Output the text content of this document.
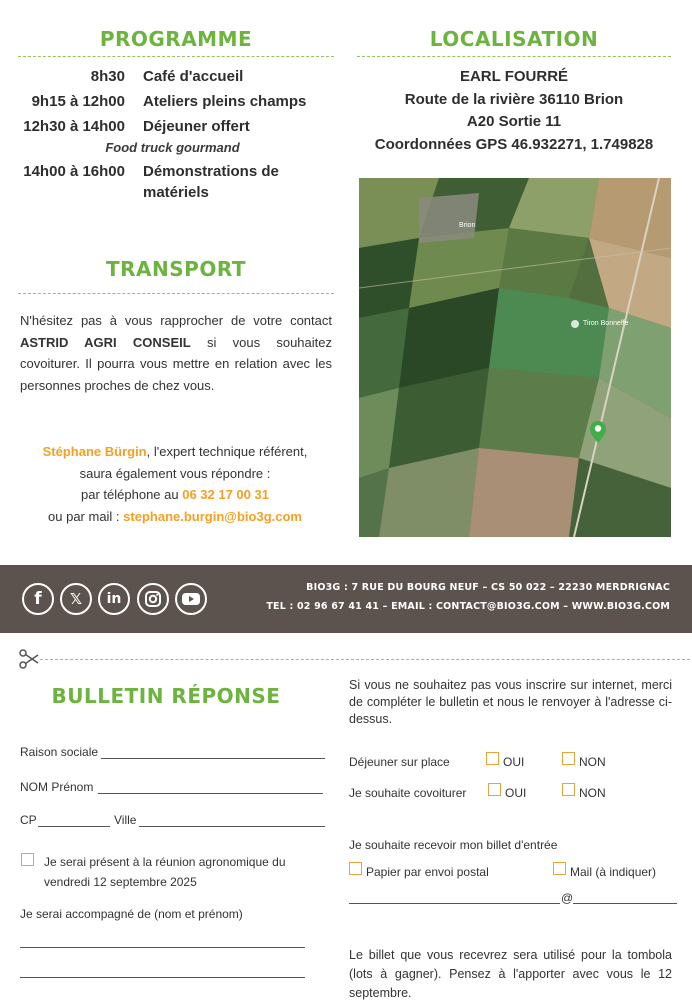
PROGRAMME
8h30	Café d'accueil
9h15 à 12h00	Ateliers pleins champs
12h30 à 14h00	Déjeuner offert
Food truck gourmand
14h00 à 16h00	Démonstrations de matériels
LOCALISATION
EARL FOURRÉ
Route de la rivière 36110 Brion
A20 Sortie 11
Coordonnées GPS 46.932271, 1.749828
Brion
Tiron Bonneffe
TRANSPORT
N'hésitez pas à vous rapprocher de votre contact ASTRID AGRI CONSEIL si vous souhaitez covoiturer. Il pourra vous mettre en relation avec les personnes proches de chez vous.
Stéphane Bürgin, l'expert technique référent,
saura également vous répondre :
par téléphone au 06 32 17 00 31
ou par mail : stephane.burgin@bio3g.com
f	𝕏	in
BIO3G : 7 RUE DU BOURG NEUF – CS 50 022 – 22230 MERDRIGNAC
TEL : 02 96 67 41 41 – EMAIL : CONTACT@BIO3G.COM – WWW.BIO3G.COM
BULLETIN RÉPONSE
Raison sociale
NOM Prénom
CP	Ville
Je serai présent à la réunion agronomique du
vendredi 12 septembre 2025
Je serai accompagné de (nom et prénom)
Si vous ne souhaitez pas vous inscrire sur internet, merci de compléter le bulletin et nous le renvoyer à l'adresse ci-dessus.
Déjeuner sur place	OUI	NON
Je souhaite covoiturer	OUI	NON
Je souhaite recevoir mon billet d'entrée
Papier par envoi postal	Mail (à indiquer)
@
Le billet que vous recevrez sera utilisé pour la tombola (lots à gagner). Pensez à l'apporter avec vous le 12 septembre.
